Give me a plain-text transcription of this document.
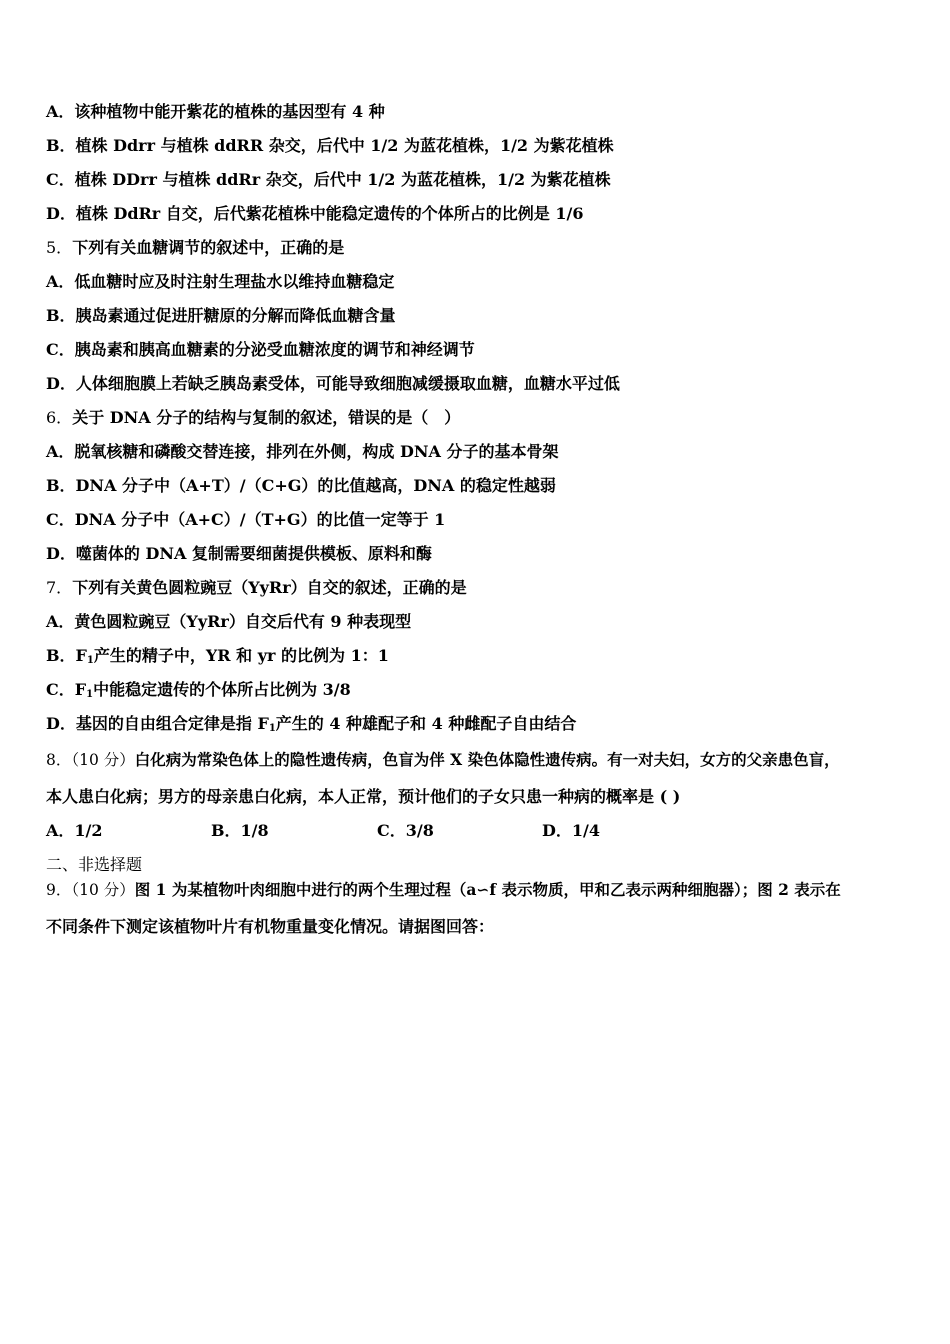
A．该种植物中能开紫花的植株的基因型有 4 种
B．植株 Ddrr 与植株 ddRR 杂交，后代中 1/2 为蓝花植株，1/2 为紫花植株
C．植株 DDrr 与植株 ddRr 杂交，后代中 1/2 为蓝花植株，1/2 为紫花植株
D．植株 DdRr 自交，后代紫花植株中能稳定遗传的个体所占的比例是 1/6
5．下列有关血糖调节的叙述中，正确的是
A．低血糖时应及时注射生理盐水以维持血糖稳定
B．胰岛素通过促进肝糖原的分解而降低血糖含量
C．胰岛素和胰高血糖素的分泌受血糖浓度的调节和神经调节
D．人体细胞膜上若缺乏胰岛素受体，可能导致细胞减缓摄取血糖，血糖水平过低
6．关于 DNA 分子的结构与复制的叙述，错误的是（　）
A．脱氧核糖和磷酸交替连接，排列在外侧，构成 DNA 分子的基本骨架
B．DNA 分子中（A+T）/（C+G）的比值越高，DNA 的稳定性越弱
C．DNA 分子中（A+C）/（T+G）的比值一定等于 1
D．噬菌体的 DNA 复制需要细菌提供模板、原料和酶
7．下列有关黄色圆粒豌豆（YyRr）自交的叙述，正确的是
A．黄色圆粒豌豆（YyRr）自交后代有 9 种表现型
B．$F_1$产生的精子中，YR 和 yr 的比例为 1：1
C．$F_1$中能稳定遗传的个体所占比例为 3/8
D．基因的自由组合定律是指 $F_1$产生的 4 种雄配子和 4 种雌配子自由结合
8．（10 分）白化病为常染色体上的隐性遗传病，色盲为伴 X 染色体隐性遗传病。有一对夫妇，女方的父亲患色盲，
本人患白化病；男方的母亲患白化病，本人正常，预计他们的子女只患一种病的概率是 ( )
A．1/2	B．1/8	C．3/8	D．1/4
二、非选择题
9．（10 分）图 1 为某植物叶肉细胞中进行的两个生理过程（a∽f 表示物质，甲和乙表示两种细胞器）；图 2 表示在
不同条件下测定该植物叶片有机物重量变化情况。请据图回答：
